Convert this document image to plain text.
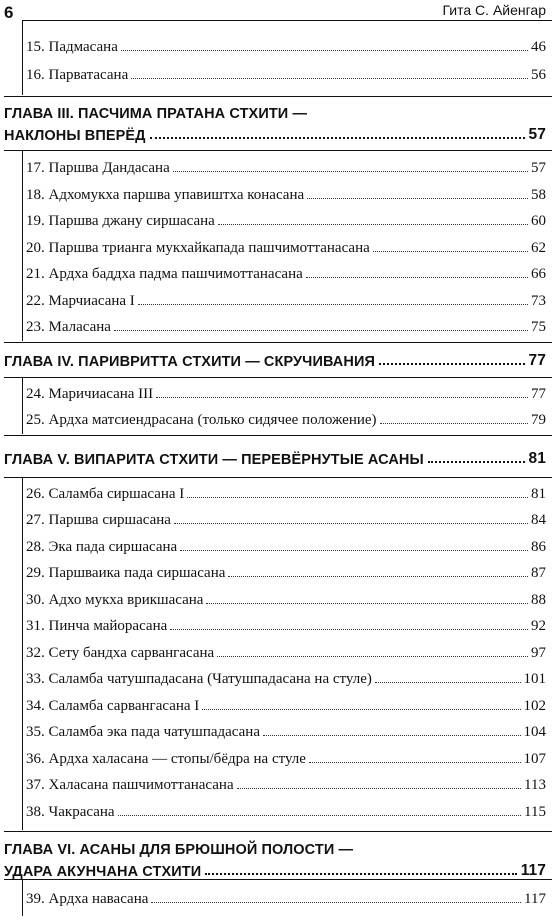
6	Гита С. Айенгар
15. Падмасана	46
16. Парватасана	56
ГЛАВА III. ПАСЧИМА ПРАТАНА СТХИТИ —
НАКЛОНЫ ВПЕРЁД	57
17. Паршва Дандасана	57
18. Адхомукха паршва упавиштха конасана	58
19. Паршва джану сиршасана	60
20. Паршва трианга мукхайкапада пашчимоттанасана	62
21. Ардха баддха падма пашчимоттанасана	66
22. Марчиасана I	73
23. Маласана	75
ГЛАВА IV. ПАРИВРИТТА СТХИТИ — СКРУЧИВАНИЯ	77
24. Маричиасана III	77
25. Ардха матсиендрасана (только сидячее положение)	79
ГЛАВА V. ВИПАРИТА СТХИТИ — ПЕРЕВЁРНУТЫЕ АСАНЫ	81
26. Саламба сиршасана I	81
27. Паршва сиршасана	84
28. Эка пада сиршасана	86
29. Паршваика пада сиршасана	87
30. Адхо мукха врикшасана	88
31. Пинча майорасана	92
32. Сету бандха сарвангасана	97
33. Саламба чатушпадасана (Чатушпадасана на стуле)	101
34. Саламба сарвангасана I	102
35. Саламба эка пада чатушпадасана	104
36. Ардха халасана — стопы/бёдра на стуле	107
37. Халасана пашчимоттанасана	113
38. Чакрасана	115
ГЛАВА VI. АСАНЫ ДЛЯ БРЮШНОЙ ПОЛОСТИ —
УДАРА АКУНЧАНА СТХИТИ	117
39. Ардха навасана	117
